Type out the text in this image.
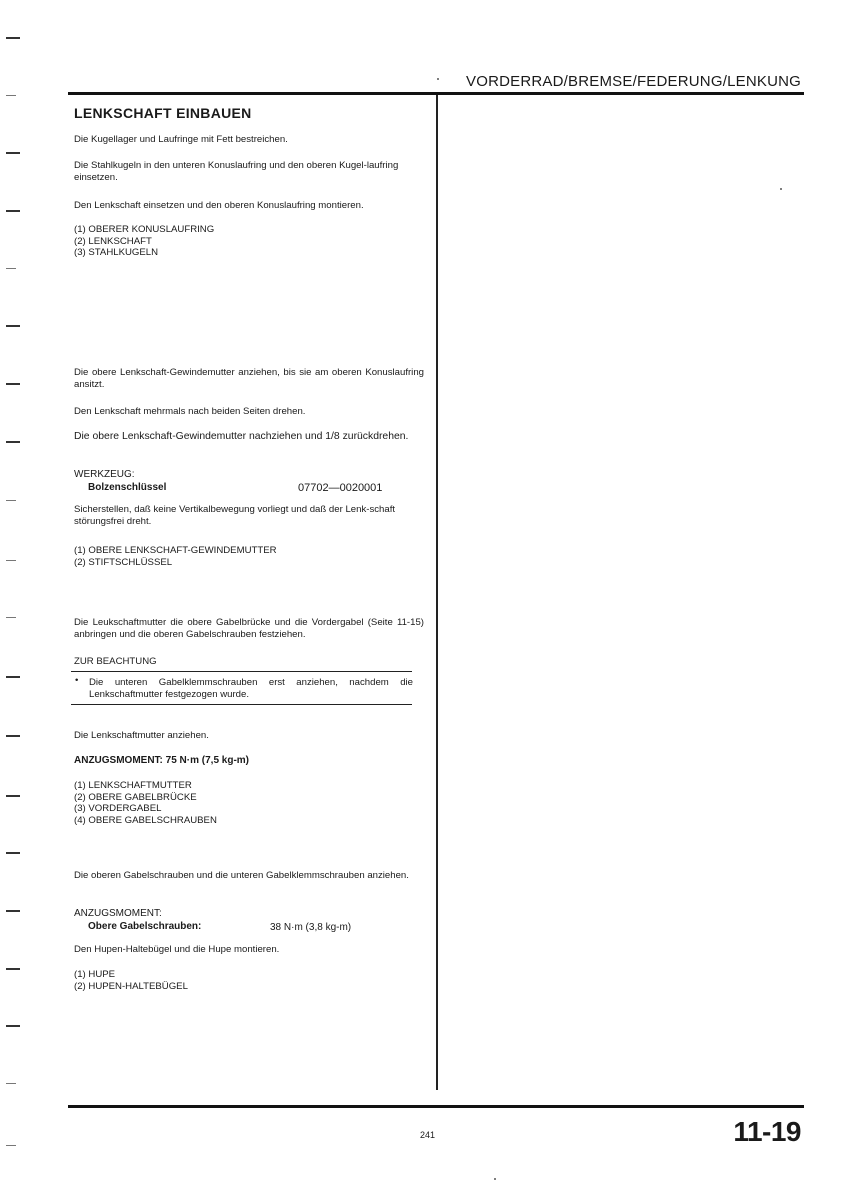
VORDERRAD/BREMSE/FEDERUNG/LENKUNG
LENKSCHAFT EINBAUEN
Die Kugellager und Laufringe mit Fett bestreichen.
Die Stahlkugeln in den unteren Konuslaufring und den oberen Kugel-laufring einsetzen.
Den Lenkschaft einsetzen und den oberen Konuslaufring montieren.
(1) OBERER KONUSLAUFRING
(2) LENKSCHAFT
(3) STAHLKUGELN
Die obere Lenkschaft-Gewindemutter anziehen, bis sie am oberen Konuslaufring ansitzt.
Den Lenkschaft mehrmals nach beiden Seiten drehen.
Die obere Lenkschaft-Gewindemutter nachziehen und 1/8 zurückdrehen.
WERKZEUG:
Bolzenschlüssel	07702—0020001
Sicherstellen, daß keine Vertikalbewegung vorliegt und daß der Lenk-schaft störungsfrei dreht.
(1) OBERE LENKSCHAFT-GEWINDEMUTTER
(2) STIFTSCHLÜSSEL
Die Leukschaftmutter die obere Gabelbrücke und die Vordergabel (Seite 11-15) anbringen und die oberen Gabelschrauben festziehen.
ZUR BEACHTUNG
• Die unteren Gabelklemmschrauben erst anziehen, nachdem die Lenkschaftmutter festgezogen wurde.
Die Lenkschaftmutter anziehen.
ANZUGSMOMENT: 75 N·m (7,5 kg-m)
(1) LENKSCHAFTMUTTER
(2) OBERE GABELBRÜCKE
(3) VORDERGABEL
(4) OBERE GABELSCHRAUBEN
Die oberen Gabelschrauben und die unteren Gabelklemmschrauben anziehen.
ANZUGSMOMENT:
Obere Gabelschrauben:	38 N·m (3,8 kg-m)
Den Hupen-Haltebügel und die Hupe montieren.
(1) HUPE
(2) HUPEN-HALTEBÜGEL
241	11-19
